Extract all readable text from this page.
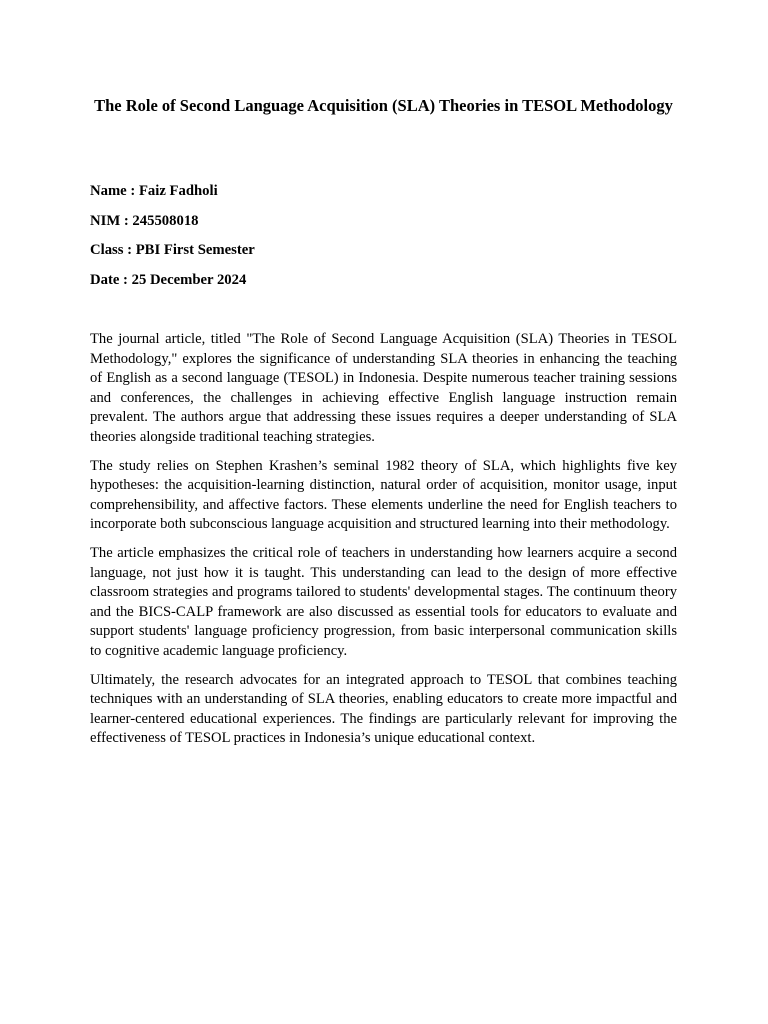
The Role of Second Language Acquisition (SLA) Theories in TESOL Methodology
Name : Faiz Fadholi
NIM : 245508018
Class : PBI First Semester
Date : 25 December 2024

The journal article, titled "The Role of Second Language Acquisition (SLA) Theories in TESOL Methodology," explores the significance of understanding SLA theories in enhancing the teaching of English as a second language (TESOL) in Indonesia. Despite numerous teacher training sessions and conferences, the challenges in achieving effective English language instruction remain prevalent. The authors argue that addressing these issues requires a deeper understanding of SLA theories alongside traditional teaching strategies.

The study relies on Stephen Krashen’s seminal 1982 theory of SLA, which highlights five key hypotheses: the acquisition-learning distinction, natural order of acquisition, monitor usage, input comprehensibility, and affective factors. These elements underline the need for English teachers to incorporate both subconscious language acquisition and structured learning into their methodology.

The article emphasizes the critical role of teachers in understanding how learners acquire a second language, not just how it is taught. This understanding can lead to the design of more effective classroom strategies and programs tailored to students' developmental stages. The continuum theory and the BICS-CALP framework are also discussed as essential tools for educators to evaluate and support students' language proficiency progression, from basic interpersonal communication skills to cognitive academic language proficiency.

Ultimately, the research advocates for an integrated approach to TESOL that combines teaching techniques with an understanding of SLA theories, enabling educators to create more impactful and learner-centered educational experiences. The findings are particularly relevant for improving the effectiveness of TESOL practices in Indonesia’s unique educational context.
